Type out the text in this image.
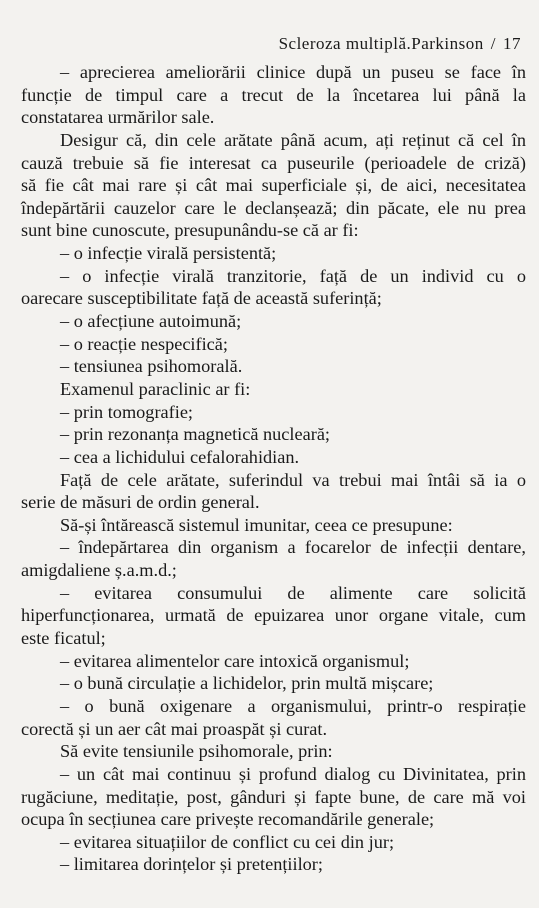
Scleroza multiplă.Parkinson / 17
– aprecierea ameliorării clinice după un puseu se face în
funcție de timpul care a trecut de la încetarea lui până la
constatarea urmărilor sale.
Desigur că, din cele arătate până acum, ați reținut că cel în
cauză trebuie să fie interesat ca puseurile (perioadele de criză)
să fie cât mai rare și cât mai superficiale și, de aici, necesitatea
îndepărtării cauzelor care le declanșează; din păcate, ele nu prea
sunt bine cunoscute, presupunându-se că ar fi:
– o infecție virală persistentă;
– o infecție virală tranzitorie, față de un individ cu o
oarecare susceptibilitate față de această suferință;
– o afecțiune autoimună;
– o reacție nespecifică;
– tensiunea psihomorală.
Examenul paraclinic ar fi:
– prin tomografie;
– prin rezonanța magnetică nucleară;
– cea a lichidului cefalorahidian.
Față de cele arătate, suferindul va trebui mai întâi să ia o
serie de măsuri de ordin general.
Să-și întărească sistemul imunitar, ceea ce presupune:
– îndepărtarea din organism a focarelor de infecții dentare,
amigdaliene ș.a.m.d.;
– evitarea consumului de alimente care solicită
hiperfuncționarea, urmată de epuizarea unor organe vitale, cum
este ficatul;
– evitarea alimentelor care intoxică organismul;
– o bună circulație a lichidelor, prin multă mișcare;
– o bună oxigenare a organismului, printr-o respirație
corectă și un aer cât mai proaspăt și curat.
Să evite tensiunile psihomorale, prin:
– un cât mai continuu și profund dialog cu Divinitatea, prin
rugăciune, meditație, post, gânduri și fapte bune, de care mă voi
ocupa în secțiunea care privește recomandările generale;
– evitarea situațiilor de conflict cu cei din jur;
– limitarea dorințelor și pretențiilor;
